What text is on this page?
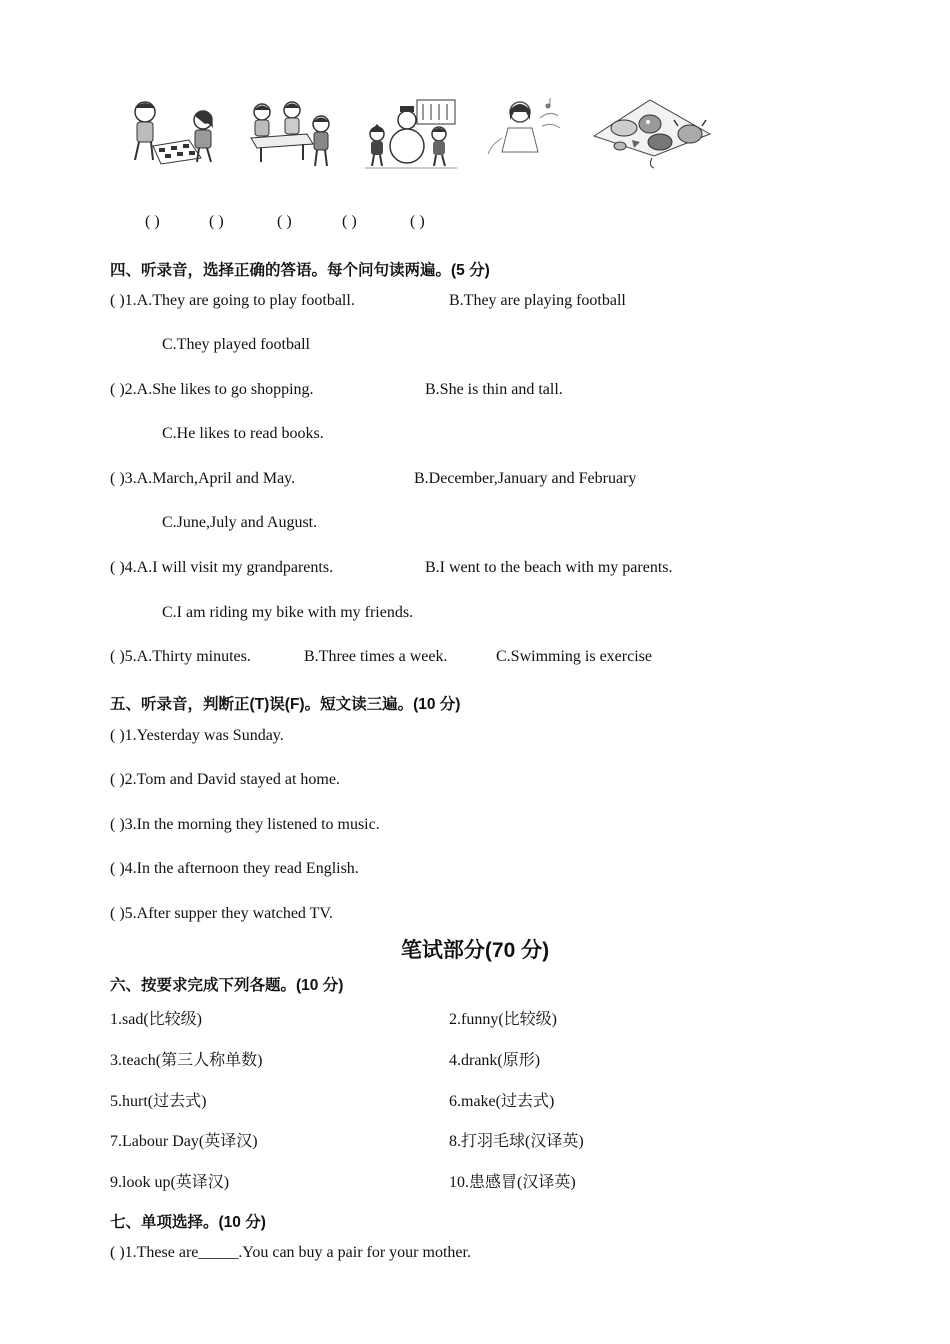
( )	( )	( )	( )	( )
四、听录音，选择正确的答语。每个问句读两遍。(5 分)
( )1.A.They are going to play football.	B.They are playing football
C.They played football
( )2.A.She likes to go shopping.	B.She is thin and tall.
C.He likes to read books.
( )3.A.March,April and May.	B.December,January and February
C.June,July and August.
( )4.A.I will visit my grandparents.	B.I went to the beach with my parents.
C.I am riding my bike with my friends.
( )5.A.Thirty minutes.	B.Three times a week.	C.Swimming is exercise
五、听录音，判断正(T)误(F)。短文读三遍。(10 分)
( )1.Yesterday was Sunday.
( )2.Tom and David stayed at home.
( )3.In the morning they listened to music.
( )4.In the afternoon they read English.
( )5.After supper they watched TV.
笔试部分(70 分)
六、按要求完成下列各题。(10 分)
1.sad(比较级)	2.funny(比较级)
3.teach(第三人称单数)	4.drank(原形)
5.hurt(过去式)	6.make(过去式)
7.Labour Day(英译汉)	8.打羽毛球(汉译英)
9.look up(英译汉)	10.患感冒(汉译英)
七、单项选择。(10 分)
( )1.These are_____.You can buy a pair for your mother.
